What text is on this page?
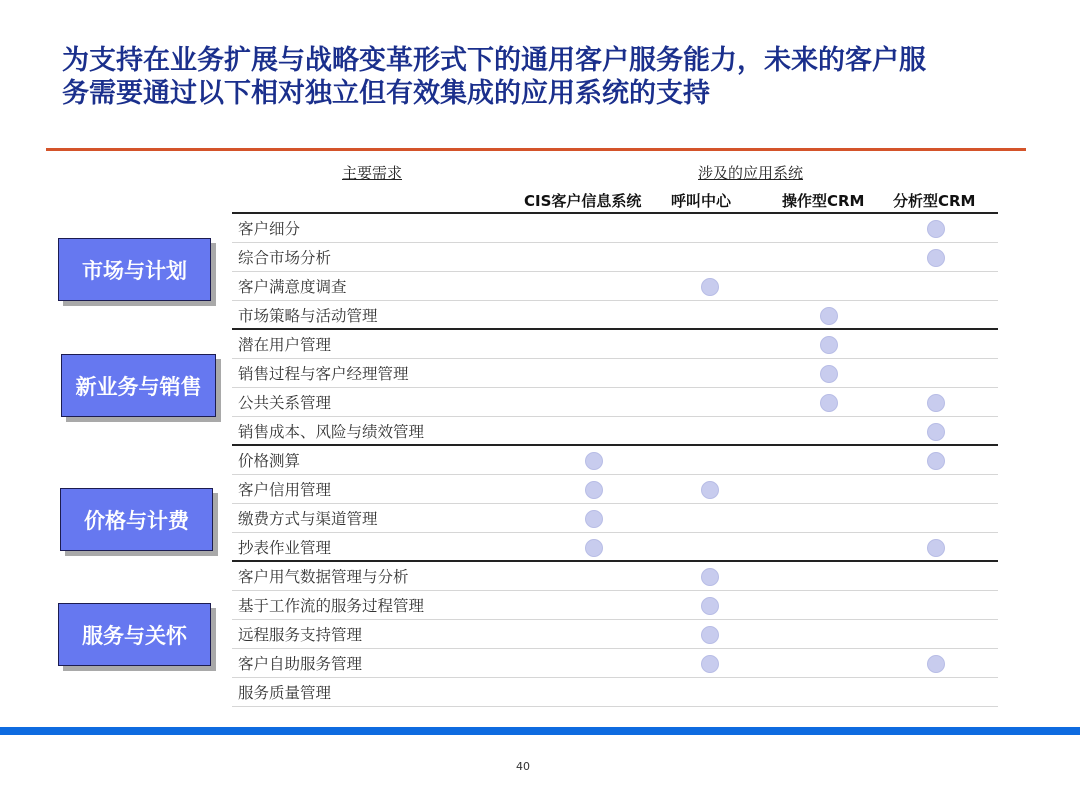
为支持在业务扩展与战略变革形式下的通用客户服务能力，未来的客户服务需要通过以下相对独立但有效集成的应用系统的支持
主要需求	涉及的应用系统
CIS客户信息系统 呼叫中心	操作型CRM 分析型CRM
客户细分
综合市场分析
客户满意度调查
市场策略与活动管理
潜在用户管理
销售过程与客户经理管理
公共关系管理
销售成本、风险与绩效管理
价格测算
客户信用管理
缴费方式与渠道管理
抄表作业管理
客户用气数据管理与分析
基于工作流的服务过程管理
远程服务支持管理
客户自助服务管理
服务质量管理
市场与计划
新业务与销售
价格与计费
服务与关怀
40
